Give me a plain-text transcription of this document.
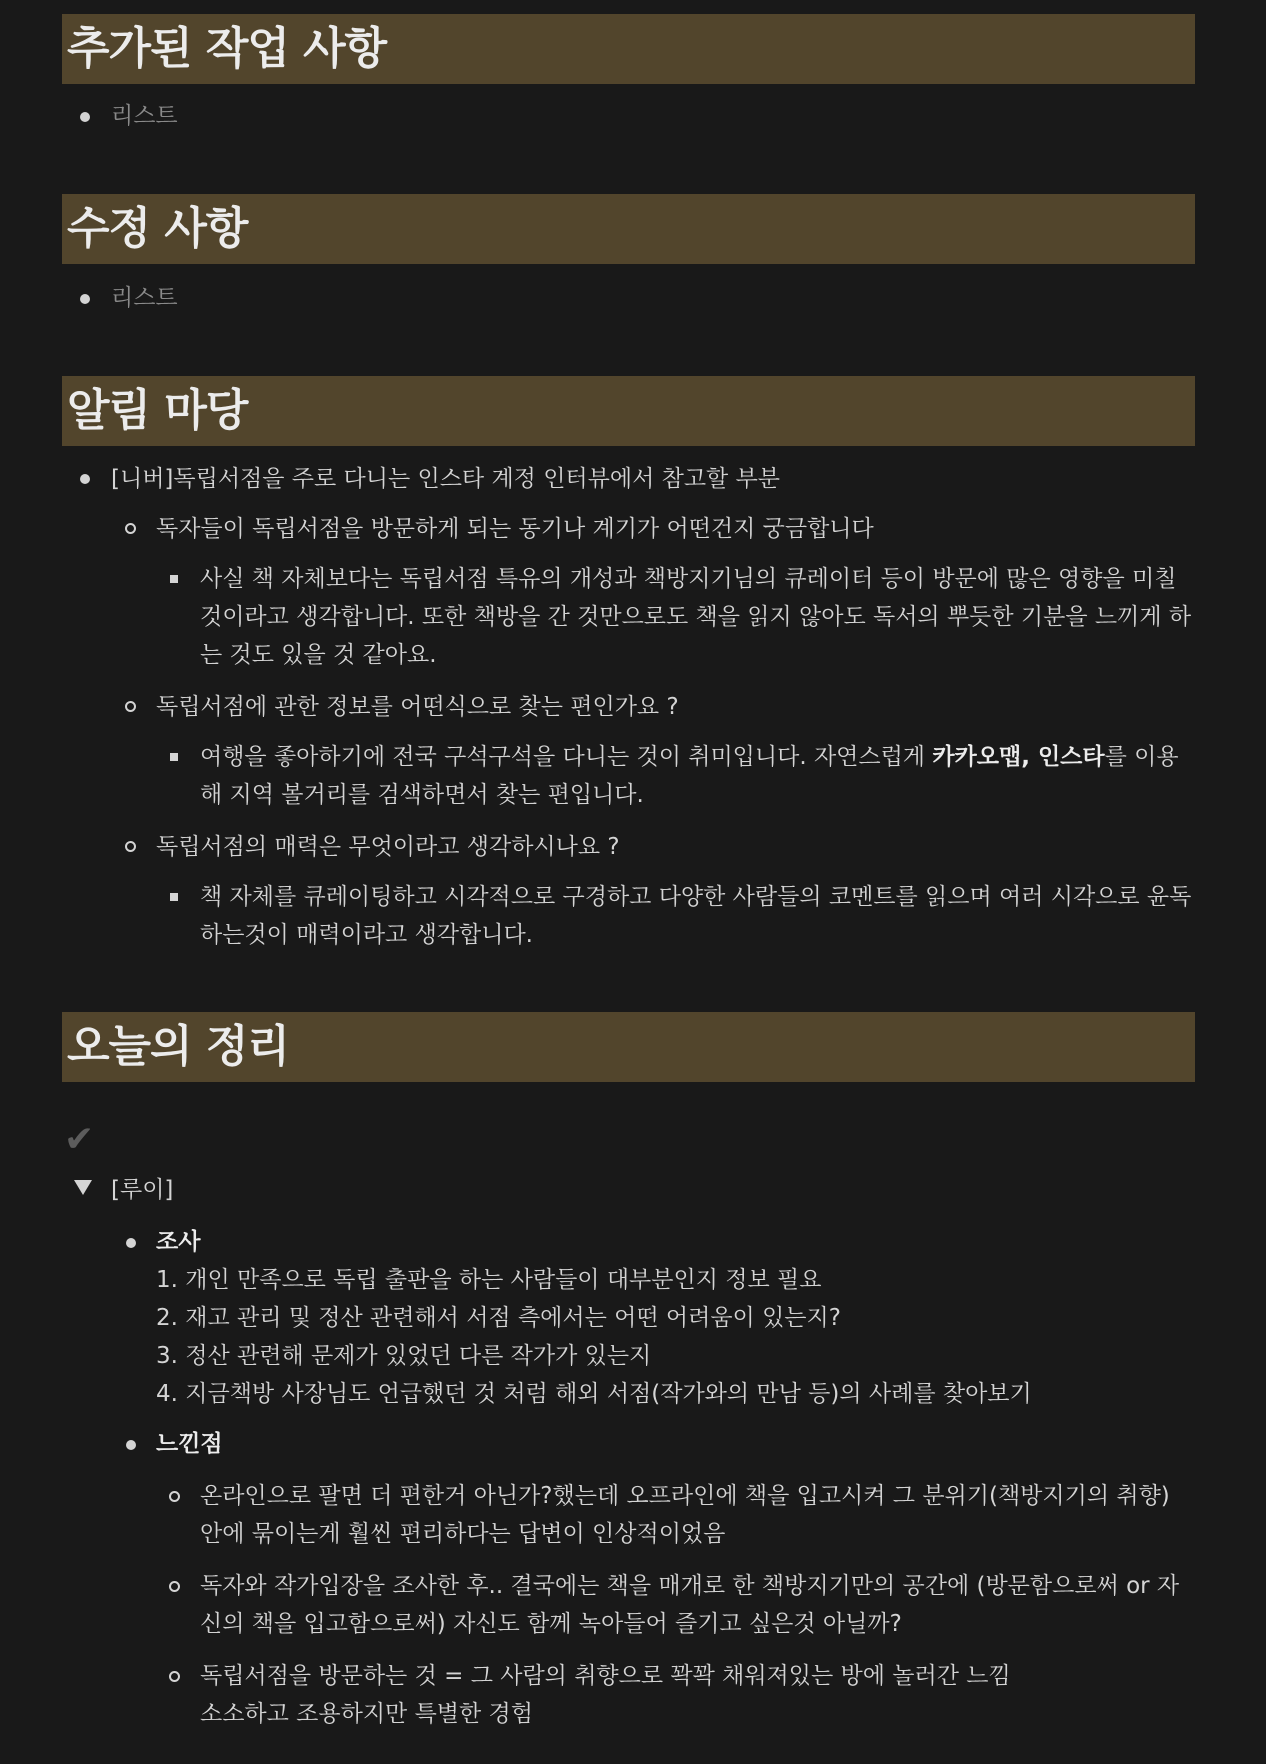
추가된 작업 사항
리스트
수정 사항
리스트
알림 마당
[니버]독립서점을 주로 다니는 인스타 계정 인터뷰에서 참고할 부분
독자들이 독립서점을 방문하게 되는 동기나 계기가 어떤건지 궁금합니다
사실 책 자체보다는 독립서점 특유의 개성과 책방지기님의 큐레이터 등이 방문에 많은 영향을 미칠
것이라고 생각합니다. 또한 책방을 간 것만으로도 책을 읽지 않아도 독서의 뿌듯한 기분을 느끼게 하
는 것도 있을 것 같아요.
독립서점에 관한 정보를 어떤식으로 찾는 편인가요 ?
여행을 좋아하기에 전국 구석구석을 다니는 것이 취미입니다. 자연스럽게 카카오맵, 인스타를 이용
해 지역 볼거리를 검색하면서 찾는 편입니다.
독립서점의 매력은 무엇이라고 생각하시나요 ?
책 자체를 큐레이팅하고 시각적으로 구경하고 다양한 사람들의 코멘트를 읽으며 여러 시각으로 윤독
하는것이 매력이라고 생각합니다.
오늘의 정리
✔
[루이]
조사
1. 개인 만족으로 독립 출판을 하는 사람들이 대부분인지 정보 필요
2. 재고 관리 및 정산 관련해서 서점 측에서는 어떤 어려움이 있는지?
3. 정산 관련해 문제가 있었던 다른 작가가 있는지
4. 지금책방 사장님도 언급했던 것 처럼 해외 서점(작가와의 만남 등)의 사례를 찾아보기
느낀점
온라인으로 팔면 더 편한거 아닌가?했는데 오프라인에 책을 입고시켜 그 분위기(책방지기의 취향)
안에 묶이는게 훨씬 편리하다는 답변이 인상적이었음
독자와 작가입장을 조사한 후.. 결국에는 책을 매개로 한 책방지기만의 공간에 (방문함으로써 or 자
신의 책을 입고함으로써) 자신도 함께 녹아들어 즐기고 싶은것 아닐까?
독립서점을 방문하는 것 = 그 사람의 취향으로 꽉꽉 채워져있는 방에 놀러간 느낌
소소하고 조용하지만 특별한 경험
